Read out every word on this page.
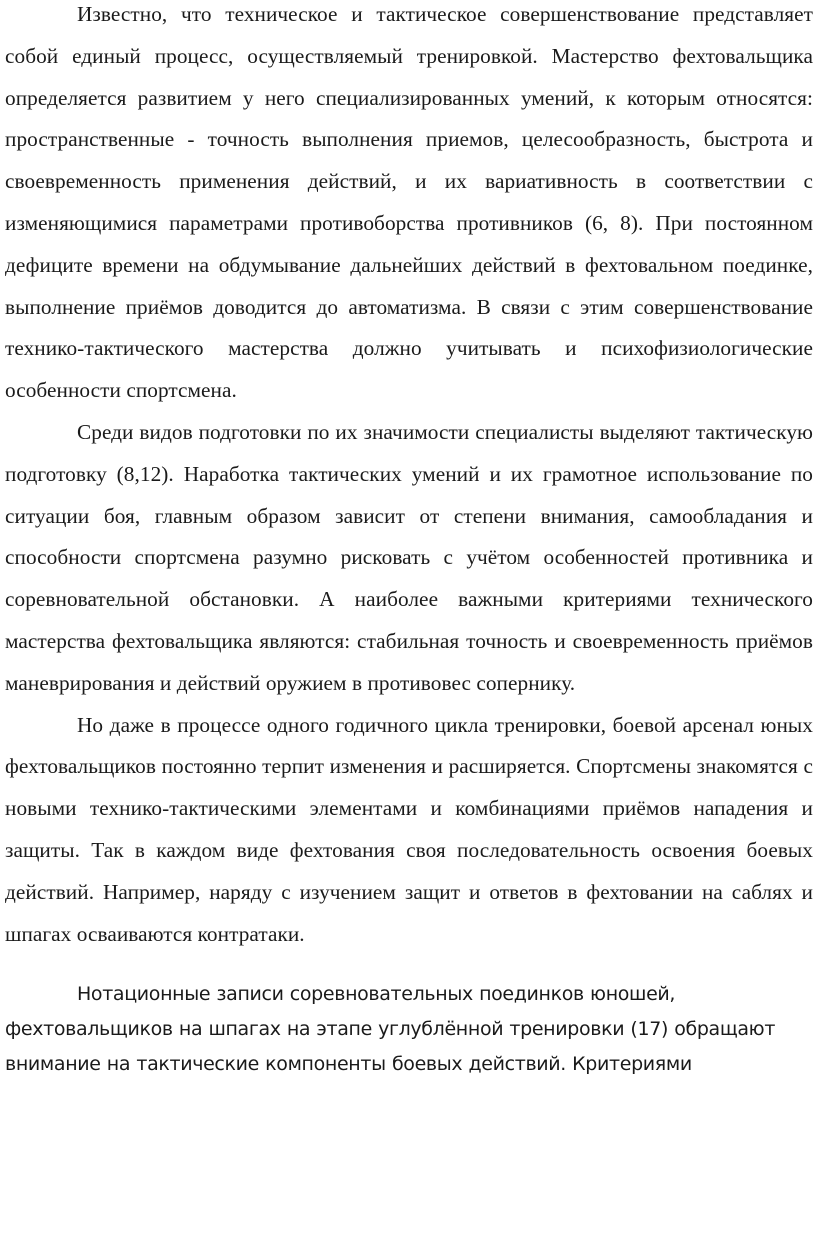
Известно, что техническое и тактическое совершенствование представляет собой единый процесс, осуществляемый тренировкой. Мастерство фехтовальщика определяется развитием у него специализированных умений, к которым относятся: пространственные - точность выполнения приемов, целесообразность, быстрота и своевременность применения действий, и их вариативность в соответствии с изменяющимися параметрами противоборства противников (6, 8). При постоянном дефиците времени на обдумывание дальнейших действий в фехтовальном поединке, выполнение приёмов доводится до автоматизма. В связи с этим совершенствование технико-тактического мастерства должно учитывать и психофизиологические особенности спортсмена.

Среди видов подготовки по их значимости специалисты выделяют тактическую подготовку (8,12). Наработка тактических умений и их грамотное использование по ситуации боя, главным образом зависит от степени внимания, самообладания и способности спортсмена разумно рисковать с учётом особенностей противника и соревновательной обстановки. А наиболее важными критериями технического мастерства фехтовальщика являются: стабильная точность и своевременность приёмов маневрирования и действий оружием в противовес сопернику.

Но даже в процессе одного годичного цикла тренировки, боевой арсенал юных фехтовальщиков постоянно терпит изменения и расширяется. Спортсмены знакомятся с новыми технико-тактическими элементами и комбинациями приёмов нападения и защиты. Так в каждом виде фехтования своя последовательность освоения боевых действий. Например, наряду с изучением защит и ответов в фехтовании на саблях и шпагах осваиваются контратаки.

Нотационные записи соревновательных поединков юношей, фехтовальщиков на шпагах на этапе углублённой тренировки (17) обращают внимание на тактические компоненты боевых действий. Критериями
